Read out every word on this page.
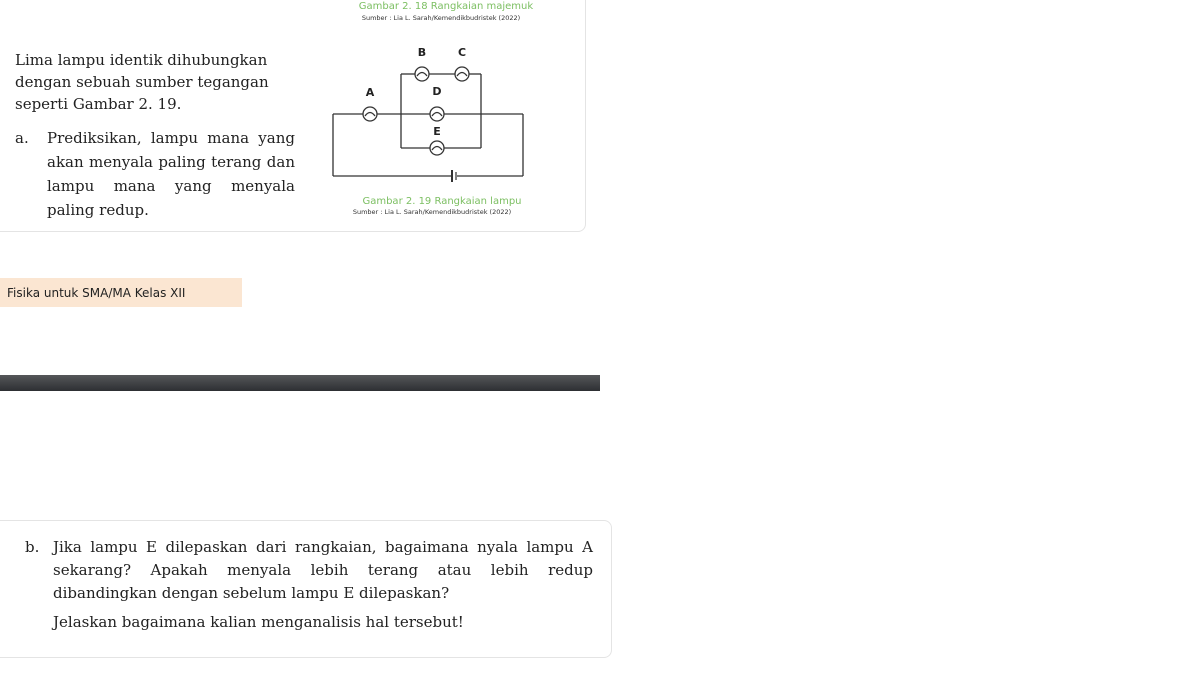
Gambar 2. 18 Rangkaian majemuk
Sumber : Lia L. Sarah/Kemendikbudristek (2022)
Lima lampu identik dihubungkan dengan sebuah sumber tegangan seperti Gambar 2. 19.
a. Prediksikan, lampu mana yang akan menyala paling terang dan lampu mana yang menyala paling redup.
A
B	C
D
E
Gambar 2. 19 Rangkaian lampu
Sumber : Lia L. Sarah/Kemendikbudristek (2022)
Fisika untuk SMA/MA Kelas XII
b. Jika lampu E dilepaskan dari rangkaian, bagaimana nyala lampu A sekarang? Apakah menyala lebih terang atau lebih redup dibandingkan dengan sebelum lampu E dilepaskan?
Jelaskan bagaimana kalian menganalisis hal tersebut!
